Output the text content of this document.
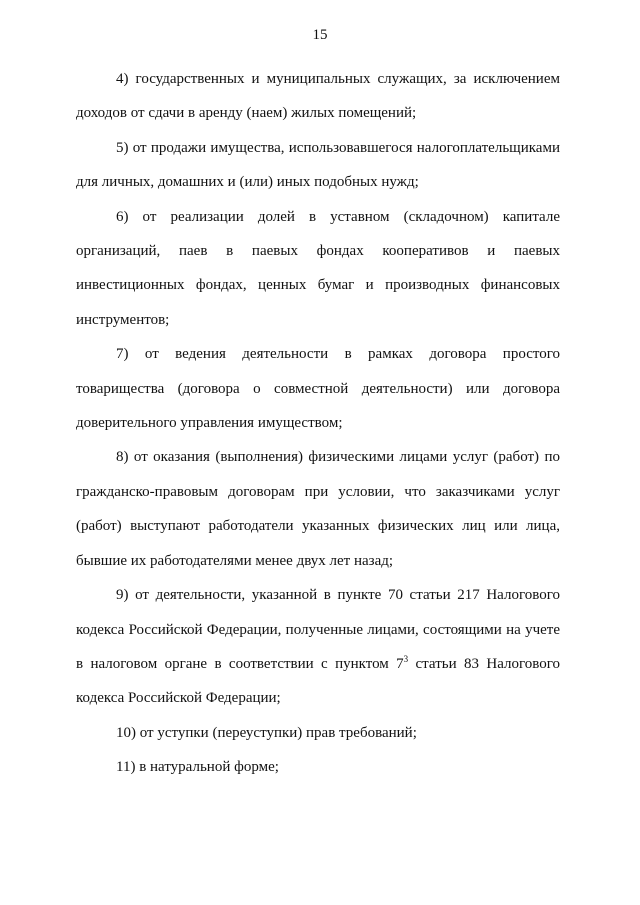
15

4) государственных и муниципальных служащих, за исключением доходов от сдачи в аренду (наем) жилых помещений;

5) от продажи имущества, использовавшегося налогоплательщиками для личных, домашних и (или) иных подобных нужд;

6) от реализации долей в уставном (складочном) капитале организаций, паев в паевых фондах кооперативов и паевых инвестиционных фондах, ценных бумаг и производных финансовых инструментов;

7) от ведения деятельности в рамках договора простого товарищества (договора о совместной деятельности) или договора доверительного управления имуществом;

8) от оказания (выполнения) физическими лицами услуг (работ) по гражданско-правовым договорам при условии, что заказчиками услуг (работ) выступают работодатели указанных физических лиц или лица, бывшие их работодателями менее двух лет назад;

9) от деятельности, указанной в пункте 70 статьи 217 Налогового кодекса Российской Федерации, полученные лицами, состоящими на учете в налоговом органе в соответствии с пунктом $7^3$ статьи 83 Налогового кодекса Российской Федерации;

10) от уступки (переуступки) прав требований;

11) в натуральной форме;
